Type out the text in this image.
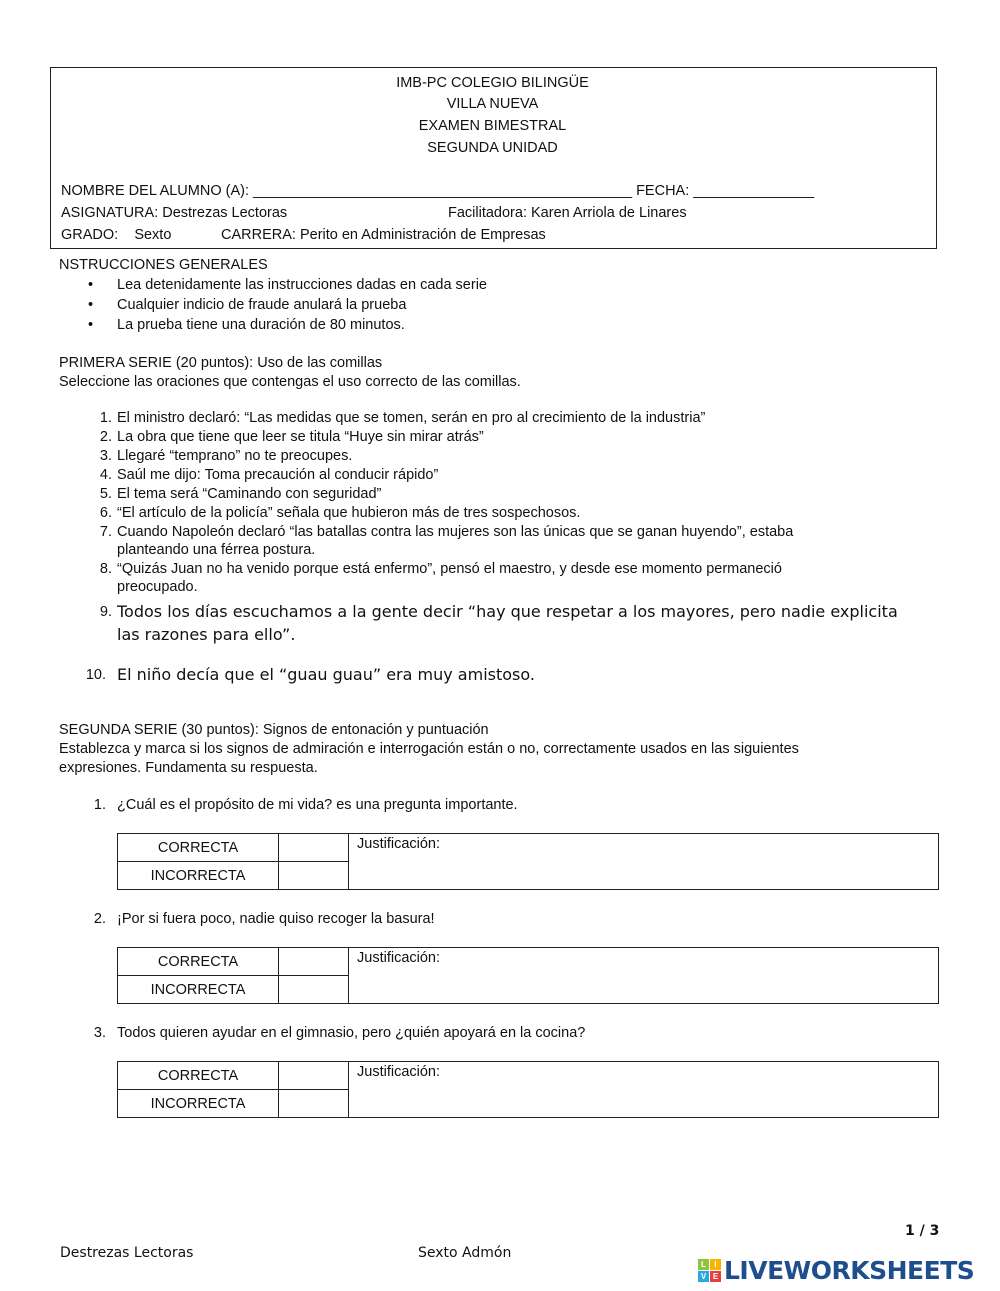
IMB-PC COLEGIO BILINGÜE
VILLA NUEVA
EXAMEN BIMESTRAL
SEGUNDA UNIDAD
NOMBRE DEL ALUMNO (A): _______________________________________________ FECHA: _______________
ASIGNATURA: Destrezas Lectoras	Facilitadora: Karen Arriola de Linares
GRADO:    Sexto	CARRERA: Perito en Administración de Empresas
NSTRUCCIONES GENERALES
• Lea detenidamente las instrucciones dadas en cada serie
• Cualquier indicio de fraude anulará la prueba
• La prueba tiene una duración de 80 minutos.
PRIMERA SERIE (20 puntos): Uso de las comillas
Seleccione las oraciones que contengas el uso correcto de las comillas.
1. El ministro declaró: “Las medidas que se tomen, serán en pro al crecimiento de la industria”
2. La obra que tiene que leer se titula “Huye sin mirar atrás”
3. Llegaré “temprano” no te preocupes.
4. Saúl me dijo: Toma precaución al conducir rápido”
5. El tema será “Caminando con seguridad”
6. “El artículo de la policía” señala que hubieron más de tres sospechosos.
7. Cuando Napoleón declaró “las batallas contra las mujeres son las únicas que se ganan huyendo”, estaba
planteando una férrea postura.
8. “Quizás Juan no ha venido porque está enfermo”, pensó el maestro, y desde ese momento permaneció
preocupado.
9. Todos los días escuchamos a la gente decir “hay que respetar a los mayores, pero nadie explicita
las razones para ello”.
10. El niño decía que el “guau guau” era muy amistoso.
SEGUNDA SERIE (30 puntos): Signos de entonación y puntuación
Establezca y marca si los signos de admiración e interrogación están o no, correctamente usados en las siguientes
expresiones. Fundamenta su respuesta.
1. ¿Cuál es el propósito de mi vida? es una pregunta importante.
CORRECTA		Justificación:
INCORRECTA		
2. ¡Por si fuera poco, nadie quiso recoger la basura!
CORRECTA		Justificación:
INCORRECTA		
3. Todos quieren ayudar en el gimnasio, pero ¿quién apoyará en la cocina?
CORRECTA		Justificación:
INCORRECTA		
1 / 3
Destrezas Lectoras	Sexto Admón
L	I
V E LIVEWORKSHEETS
